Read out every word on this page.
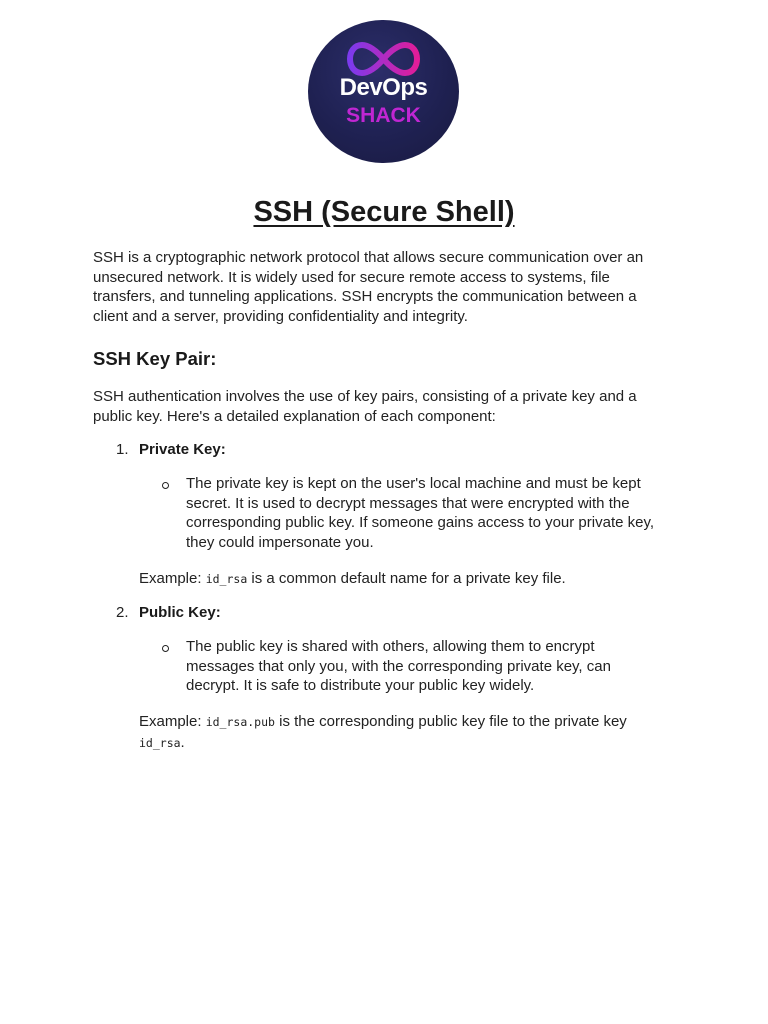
DevOps
SHACK
SSH (Secure Shell)

SSH is a cryptographic network protocol that allows secure communication over an unsecured network. It is widely used for secure remote access to systems, file transfers, and tunneling applications. SSH encrypts the communication between a client and a server, providing confidentiality and integrity.

SSH Key Pair:

SSH authentication involves the use of key pairs, consisting of a private key and a public key. Here's a detailed explanation of each component:

1. Private Key:

The private key is kept on the user's local machine and must be kept secret. It is used to decrypt messages that were encrypted with the corresponding public key. If someone gains access to your private key, they could impersonate you.

Example: id_rsa is a common default name for a private key file.

2. Public Key:

The public key is shared with others, allowing them to encrypt messages that only you, with the corresponding private key, can decrypt. It is safe to distribute your public key widely.

Example: id_rsa.pub is the corresponding public key file to the private key id_rsa.
